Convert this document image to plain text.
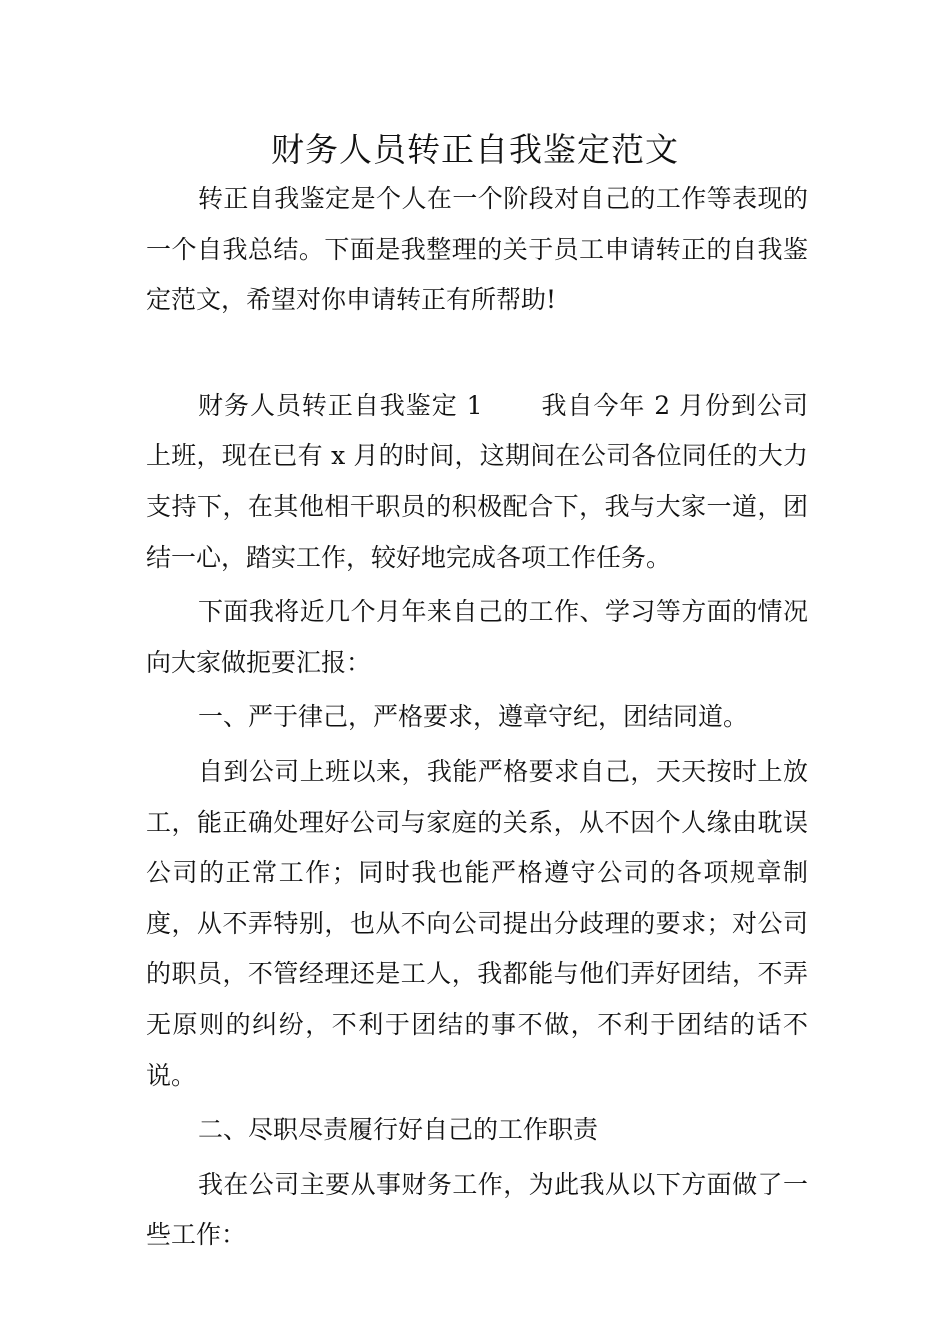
财务人员转正自我鉴定范文

转正自我鉴定是个人在一个阶段对自己的工作等表现的一个自我总结。下面是我整理的关于员工申请转正的自我鉴定范文，希望对你申请转正有所帮助!

财务人员转正自我鉴定 1 我自今年 2 月份到公司上班，现在已有 x 月的时间，这期间在公司各位同任的大力支持下，在其他相干职员的积极配合下，我与大家一道，团结一心，踏实工作，较好地完成各项工作任务。

下面我将近几个月年来自己的工作、学习等方面的情况向大家做扼要汇报：

一、严于律己，严格要求，遵章守纪，团结同道。

自到公司上班以来，我能严格要求自己，天天按时上放工，能正确处理好公司与家庭的关系，从不因个人缘由耽误公司的正常工作；同时我也能严格遵守公司的各项规章制度，从不弄特别，也从不向公司提出分歧理的要求；对公司的职员，不管经理还是工人，我都能与他们弄好团结，不弄无原则的纠纷，不利于团结的事不做，不利于团结的话不说。

二、尽职尽责履行好自己的工作职责

我在公司主要从事财务工作，为此我从以下方面做了一些工作：
